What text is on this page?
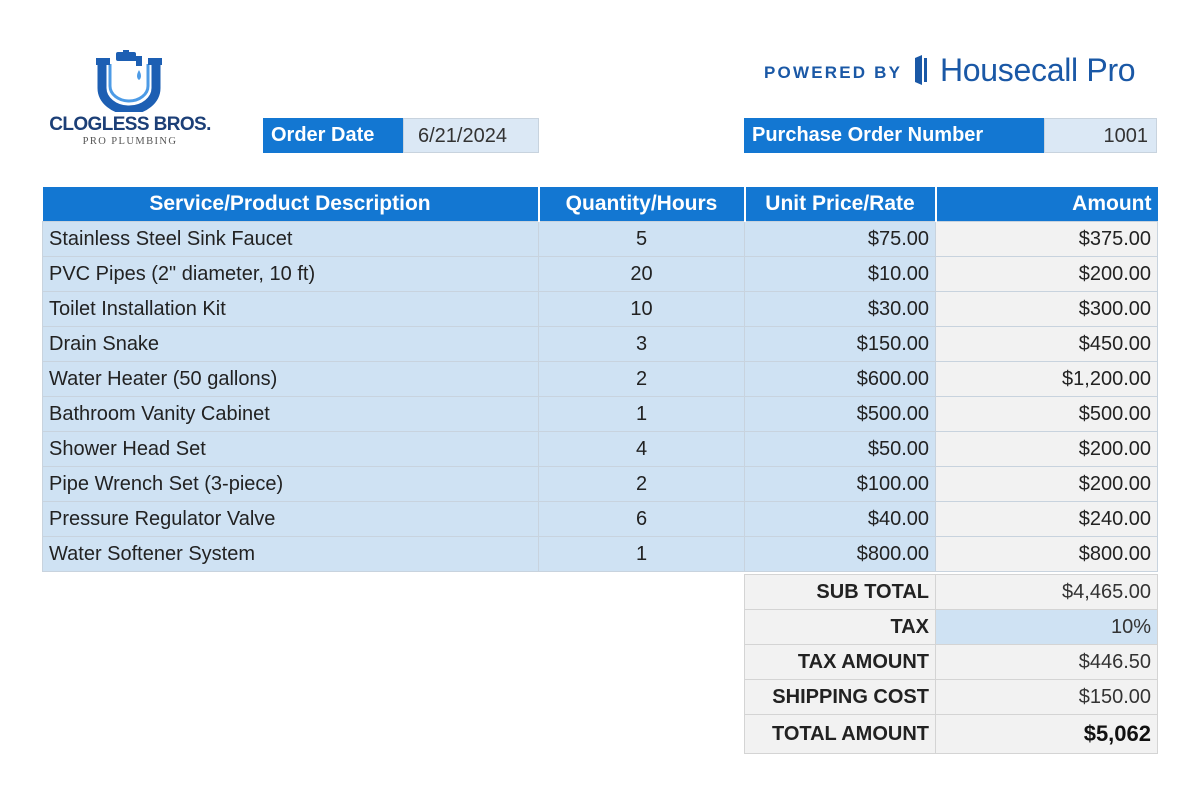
CLOGLESS BROS.
PRO PLUMBING
POWERED BY Housecall Pro
Order Date	6/21/2024	Purchase Order Number	1001
Service/Product Description	Quantity/Hours	Unit Price/Rate	Amount
Stainless Steel Sink Faucet	5	$75.00	$375.00
PVC Pipes (2" diameter, 10 ft)	20	$10.00	$200.00
Toilet Installation Kit	10	$30.00	$300.00
Drain Snake	3	$150.00	$450.00
Water Heater (50 gallons)	2	$600.00	$1,200.00
Bathroom Vanity Cabinet	1	$500.00	$500.00
Shower Head Set	4	$50.00	$200.00
Pipe Wrench Set (3-piece)	2	$100.00	$200.00
Pressure Regulator Valve	6	$40.00	$240.00
Water Softener System	1	$800.00	$800.00
SUB TOTAL	$4,465.00
TAX	10%
TAX AMOUNT	$446.50
SHIPPING COST	$150.00
TOTAL AMOUNT	$5,062
